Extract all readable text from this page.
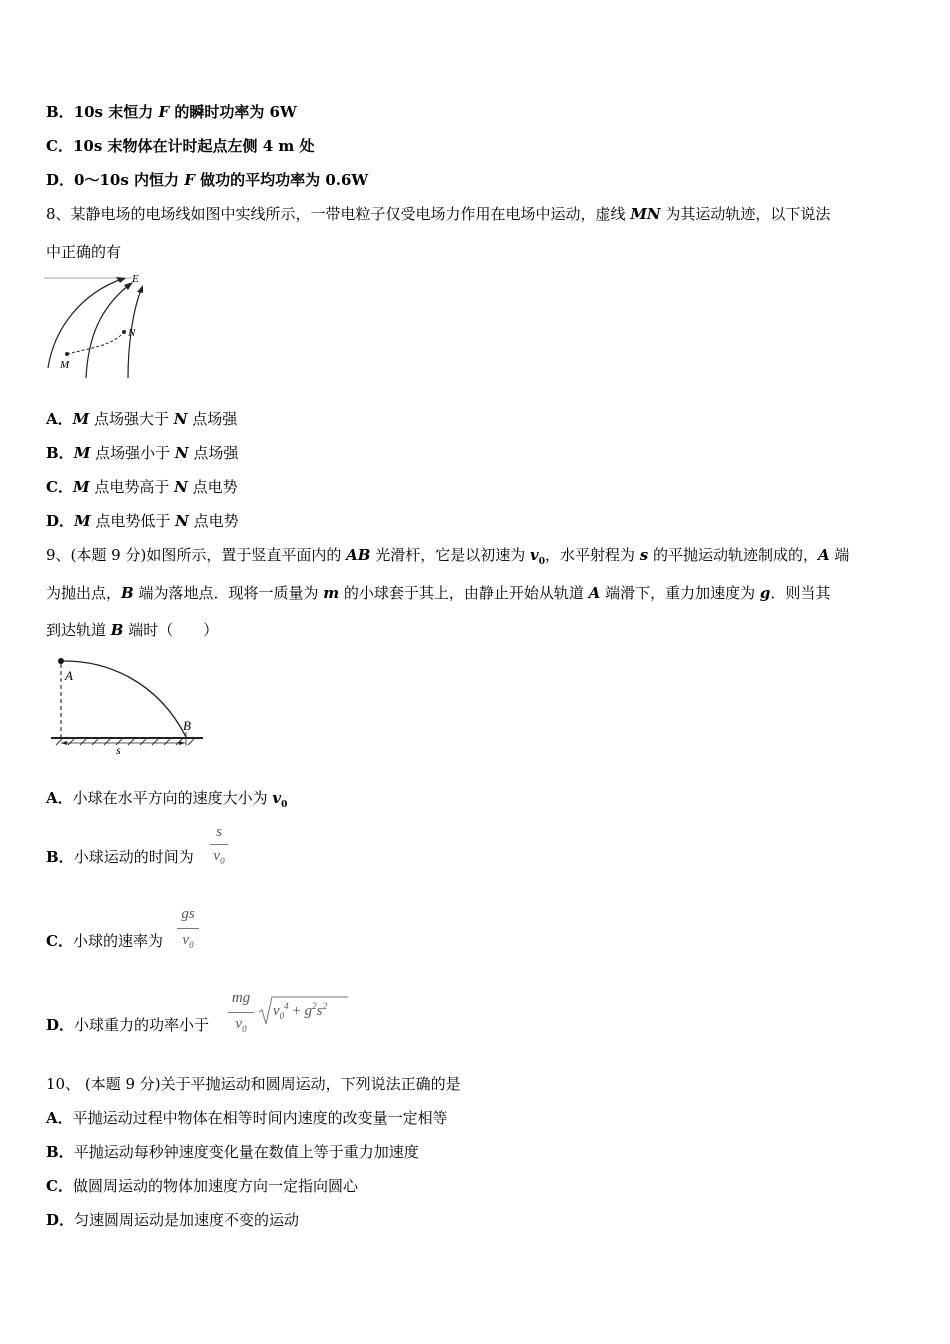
B．10s 末恒力 F 的瞬时功率为 6W
C．10s 末物体在计时起点左侧 4 m 处
D．0～10s 内恒力 F 做功的平均功率为 0.6W
8、某静电场的电场线如图中实线所示，一带电粒子仅受电场力作用在电场中运动，虚线 MN 为其运动轨迹，以下说法
中正确的有
E
N
M
A．M 点场强大于 N 点场强
B．M 点场强小于 N 点场强
C．M 点电势高于 N 点电势
D．M 点电势低于 N 点电势
9、(本题 9 分)如图所示，置于竖直平面内的 AB 光滑杆，它是以初速为 $v_0$，水平射程为 s 的平抛运动轨迹制成的，A 端
为抛出点，B 端为落地点．现将一质量为 m 的小球套于其上，由静止开始从轨道 A 端滑下，重力加速度为 g．则当其
到达轨道 B 端时（　　）
A
B
s
A．小球在水平方向的速度大小为 $v_0$
B．小球运动的时间为
s
$v_0$
C．小球的速率为
gs
$v_0$
D．小球重力的功率小于
mg
$v_0$
$v_0^4 + g^2s^2$
10、 (本题 9 分)关于平抛运动和圆周运动，下列说法正确的是
A．平抛运动过程中物体在相等时间内速度的改变量一定相等
B．平抛运动每秒钟速度变化量在数值上等于重力加速度
C．做圆周运动的物体加速度方向一定指向圆心
D．匀速圆周运动是加速度不变的运动
